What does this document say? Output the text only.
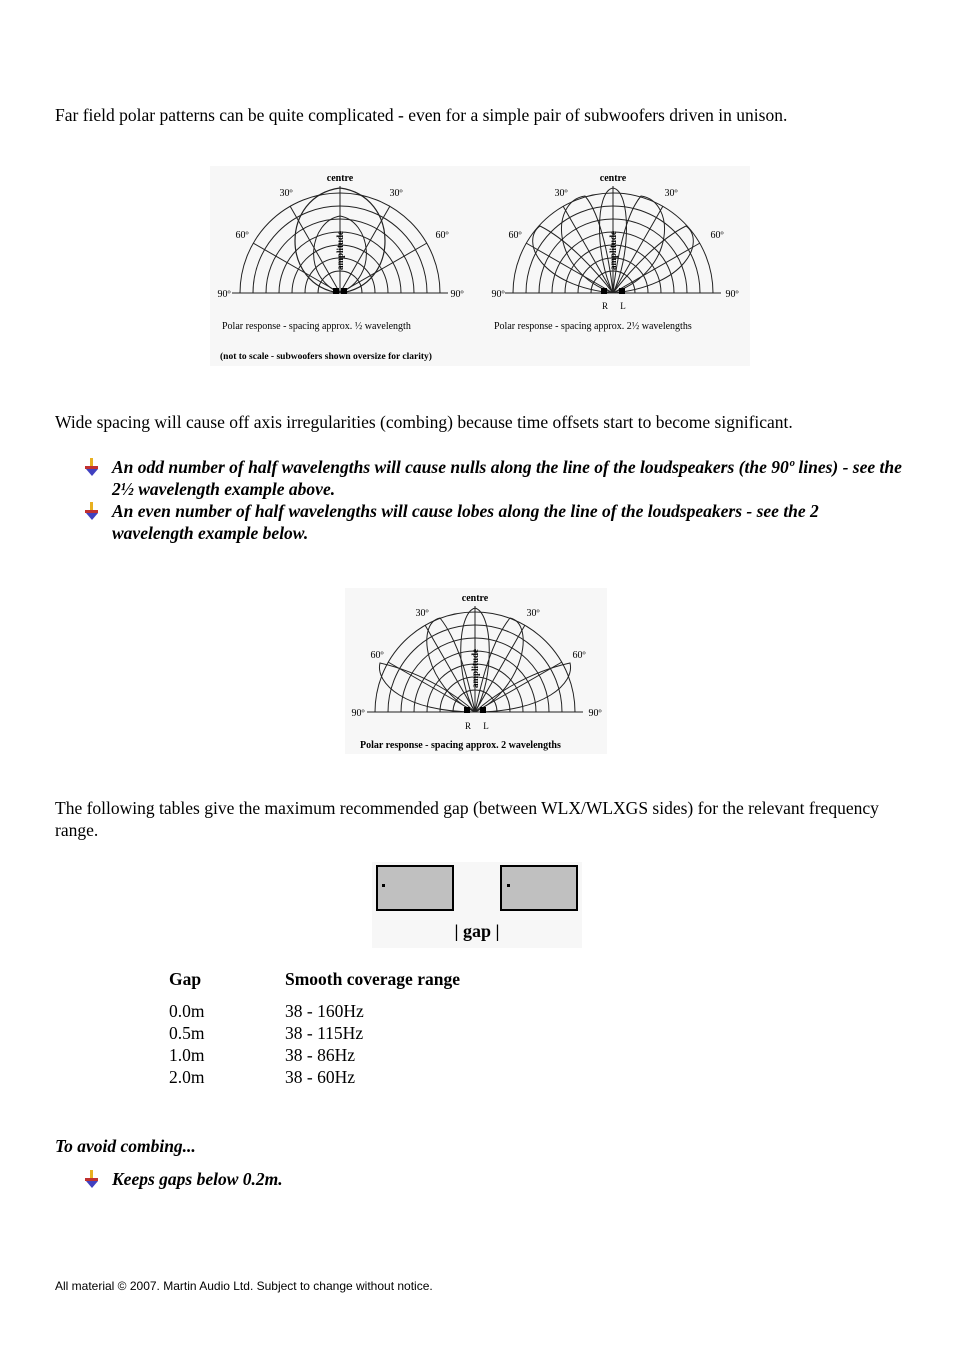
Far field polar patterns can be quite complicated - even for a simple pair of subwoofers driven in unison.

centre
30º	30º
60º	60º
90º	90º
amplitude
Polar response - spacing approx. ½ wavelength
centre
30º	30º
60º	60º
90º	90º
amplitude
R L
Polar response - spacing approx. 2½ wavelengths
(not to scale - subwoofers shown oversize for clarity)

Wide spacing will cause off axis irregularities (combing) because time offsets start to become significant.

An odd number of half wavelengths will cause nulls along the line of the loudspeakers (the 90º lines) - see the 2½ wavelength example above.
An even number of half wavelengths will cause lobes along the line of the loudspeakers - see the 2 wavelength example below.
centre
30º	30º
60º	60º
90º	90º
amplitude
R L
Polar response - spacing approx. 2 wavelengths

The following tables give the maximum recommended gap (between WLX/WLXGS sides) for the relevant frequency range.

| gap |
Gap	Smooth coverage range
0.0m	38 - 160Hz
0.5m	38 - 115Hz
1.0m	38 - 86Hz
2.0m	38 - 60Hz

To avoid combing...

Keeps gaps below 0.2m.
All material © 2007. Martin Audio Ltd. Subject to change without notice.
